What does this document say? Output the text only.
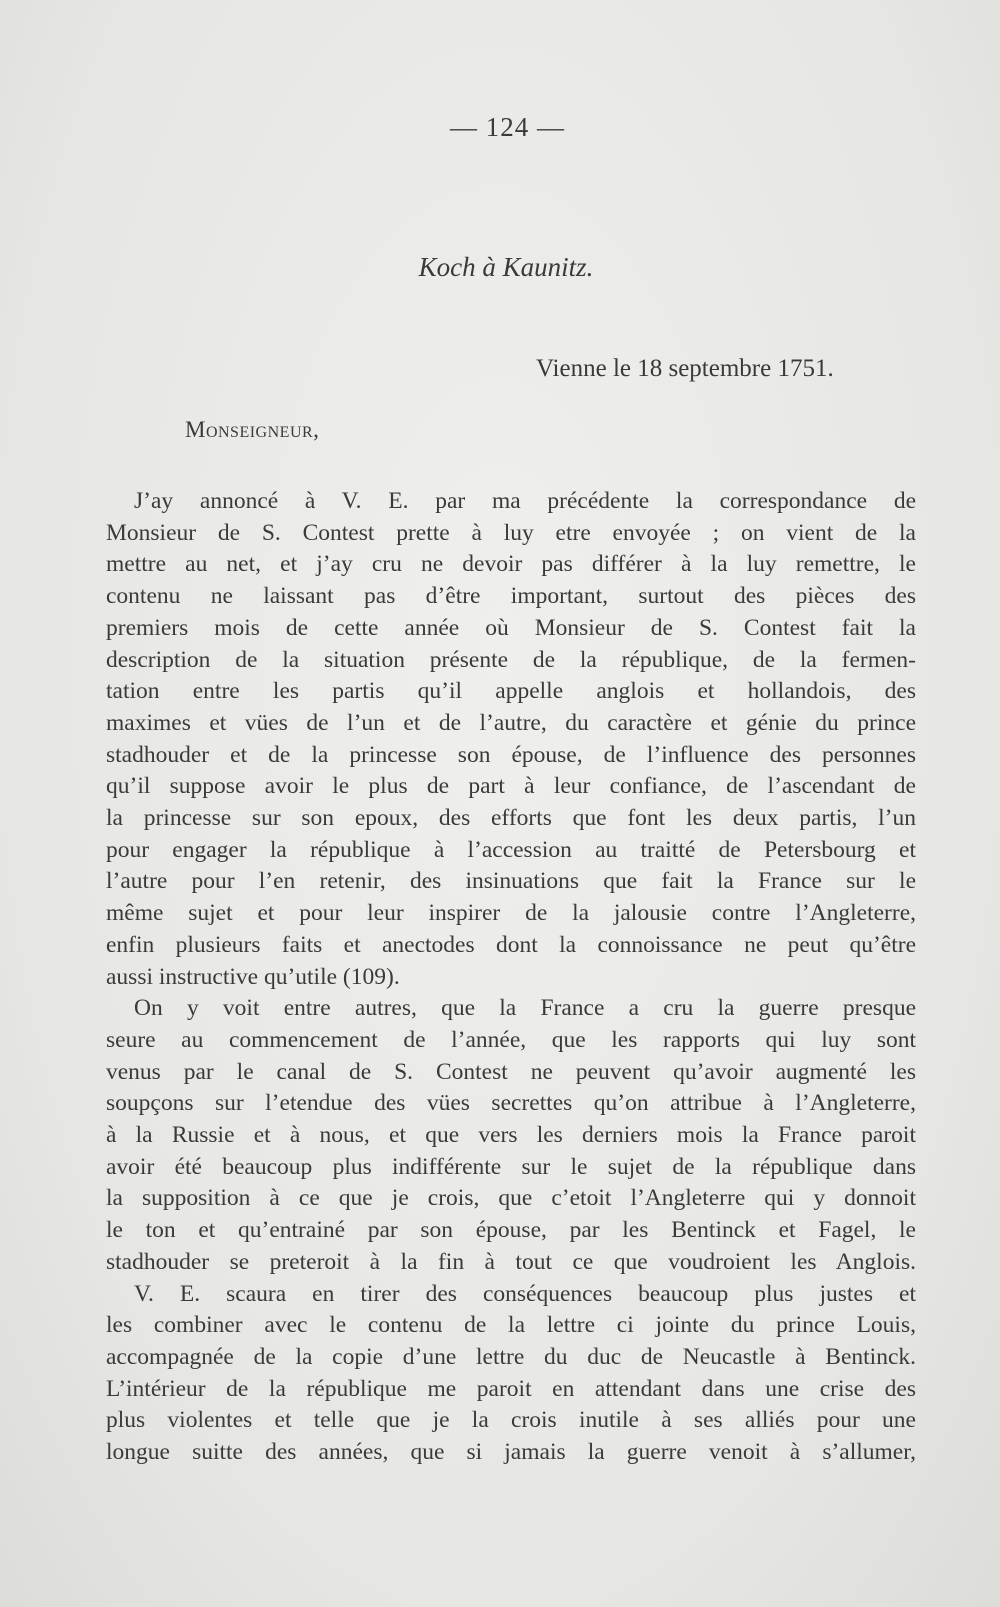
— 124 —
Koch à Kaunitz.
Vienne le 18 septembre 1751.
Monseigneur,

J’ay annoncé à V. E. par ma précédente la correspondance de
Monsieur de S. Contest prette à luy etre envoyée ; on vient de la
mettre au net, et j’ay cru ne devoir pas différer à la luy remettre, le
contenu ne laissant pas d’être important, surtout des pièces des
premiers mois de cette année où Monsieur de S. Contest fait la
description de la situation présente de la république, de la fermen-
tation entre les partis qu’il appelle anglois et hollandois, des
maximes et vües de l’un et de l’autre, du caractère et génie du prince
stadhouder et de la princesse son épouse, de l’influence des personnes
qu’il suppose avoir le plus de part à leur confiance, de l’ascendant de
la princesse sur son epoux, des efforts que font les deux partis, l’un
pour engager la république à l’accession au traitté de Petersbourg et
l’autre pour l’en retenir, des insinuations que fait la France sur le
même sujet et pour leur inspirer de la jalousie contre l’Angleterre,
enfin plusieurs faits et anectodes dont la connoissance ne peut qu’être
aussi instructive qu’utile (109).

On y voit entre autres, que la France a cru la guerre presque
seure au commencement de l’année, que les rapports qui luy sont
venus par le canal de S. Contest ne peuvent qu’avoir augmenté les
soupçons sur l’etendue des vües secrettes qu’on attribue à l’Angleterre,
à la Russie et à nous, et que vers les derniers mois la France paroit
avoir été beaucoup plus indifférente sur le sujet de la république dans
la supposition à ce que je crois, que c’etoit l’Angleterre qui y donnoit
le ton et qu’entrainé par son épouse, par les Bentinck et Fagel, le
stadhouder se preteroit à la fin à tout ce que voudroient les Anglois.

V. E. scaura en tirer des conséquences beaucoup plus justes et
les combiner avec le contenu de la lettre ci jointe du prince Louis,
accompagnée de la copie d’une lettre du duc de Neucastle à Bentinck.
L’intérieur de la république me paroit en attendant dans une crise des
plus violentes et telle que je la crois inutile à ses alliés pour une
longue suitte des années, que si jamais la guerre venoit à s’allumer,
